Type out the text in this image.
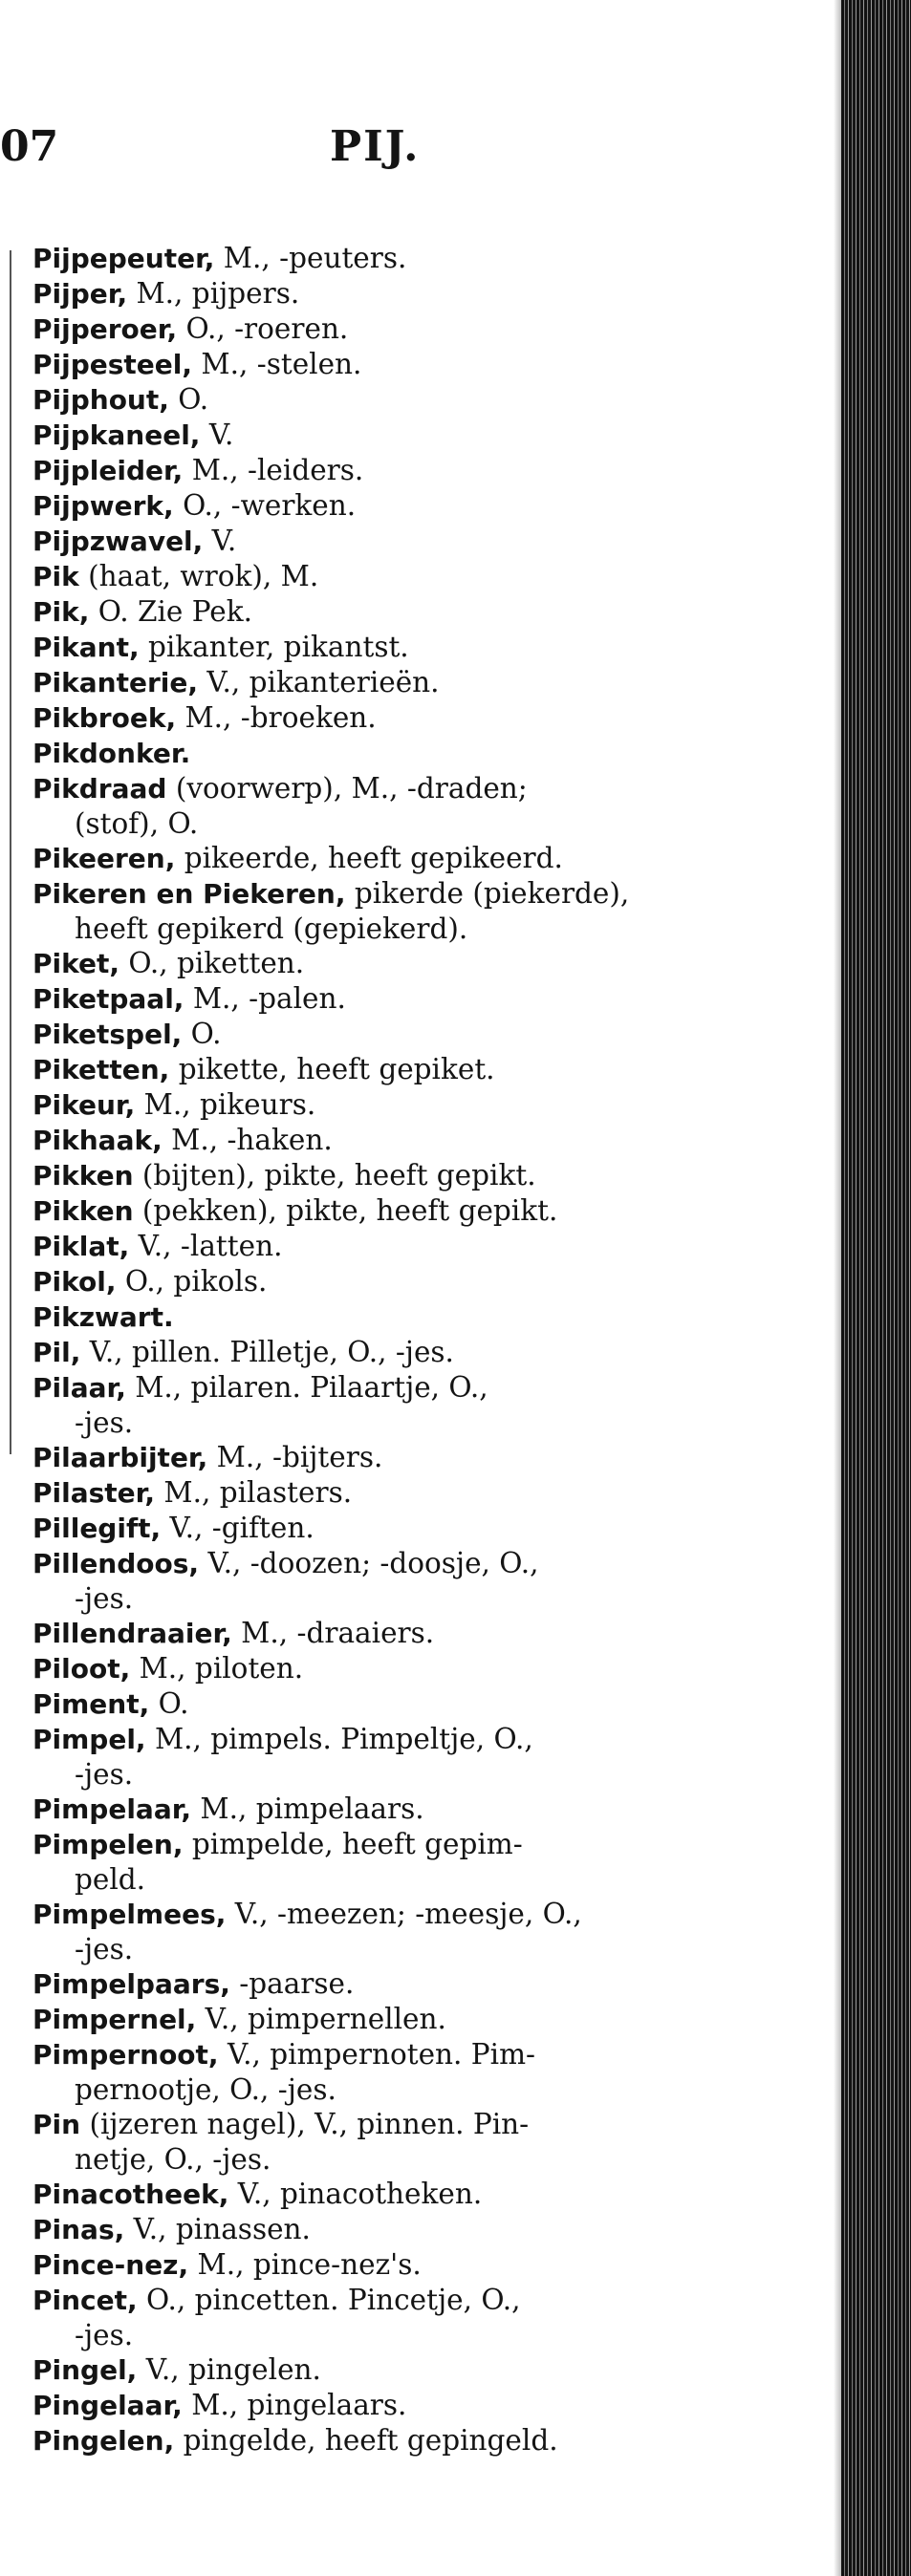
07	PIJ.
Pijpepeuter, M., -peuters.
Pijper, M., pijpers.
Pijperoer, O., -roeren.
Pijpesteel, M., -stelen.
Pijphout, O.
Pijpkaneel, V.
Pijpleider, M., -leiders.
Pijpwerk, O., -werken.
Pijpzwavel, V.
Pik (haat, wrok), M.
Pik, O. Zie Pek.
Pikant, pikanter, pikantst.
Pikanterie, V., pikanterieën.
Pikbroek, M., -broeken.
Pikdonker.
Pikdraad (voorwerp), M., -draden;
(stof), O.
Pikeeren, pikeerde, heeft gepikeerd.
Pikeren en Piekeren, pikerde (piekerde),
heeft gepikerd (gepiekerd).
Piket, O., piketten.
Piketpaal, M., -palen.
Piketspel, O.
Piketten, pikette, heeft gepiket.
Pikeur, M., pikeurs.
Pikhaak, M., -haken.
Pikken (bijten), pikte, heeft gepikt.
Pikken (pekken), pikte, heeft gepikt.
Piklat, V., -latten.
Pikol, O., pikols.
Pikzwart.
Pil, V., pillen. Pilletje, O., -jes.
Pilaar, M., pilaren. Pilaartje, O.,
-jes.
Pilaarbijter, M., -bijters.
Pilaster, M., pilasters.
Pillegift, V., -giften.
Pillendoos, V., -doozen; -doosje, O.,
-jes.
Pillendraaier, M., -draaiers.
Piloot, M., piloten.
Piment, O.
Pimpel, M., pimpels. Pimpeltje, O.,
-jes.
Pimpelaar, M., pimpelaars.
Pimpelen, pimpelde, heeft gepim-
peld.
Pimpelmees, V., -meezen; -meesje, O.,
-jes.
Pimpelpaars, -paarse.
Pimpernel, V., pimpernellen.
Pimpernoot, V., pimpernoten. Pim-
pernootje, O., -jes.
Pin (ijzeren nagel), V., pinnen. Pin-
netje, O., -jes.
Pinacotheek, V., pinacotheken.
Pinas, V., pinassen.
Pince-nez, M., pince-nez's.
Pincet, O., pincetten. Pincetje, O.,
-jes.
Pingel, V., pingelen.
Pingelaar, M., pingelaars.
Pingelen, pingelde, heeft gepingeld.
